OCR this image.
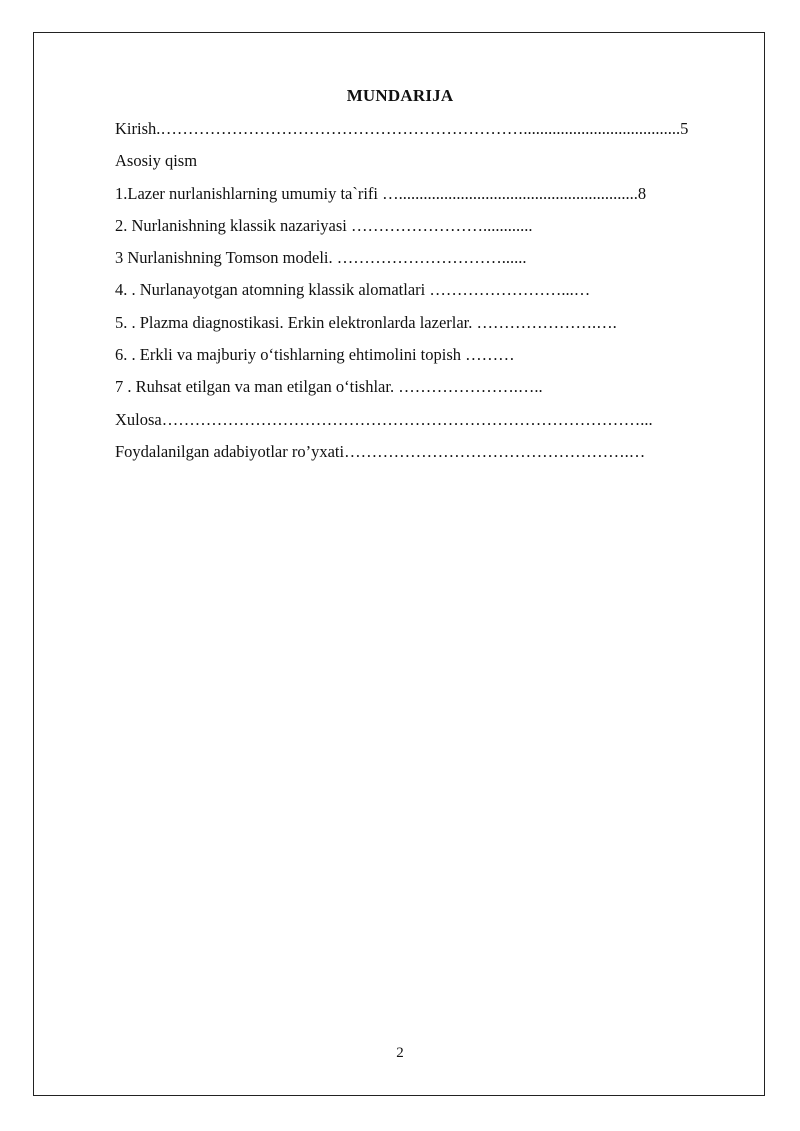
MUNDARIJA
Kirish.…………………………………………………………......................................5
Asosiy qism
1.Lazer nurlanishlarning umumiy ta`rifi …..........................................................8
2. Nurlanishning klassik nazariyasi ……………………............
3 Nurlanishning Tomson modeli. …………………………......
4. . Nurlanayotgan atomning klassik alomatlari ……………………...…
5. . Plazma diagnostikasi. Erkin elektronlarda lazerlar. ………………….….
6. . Erkli va majburiy o‘tishlarning ehtimolini topish ………
7 . Ruhsat etilgan va man etilgan o‘tishlar. ………………….…..
Xulosa……………………………………………………………………………...
Foydalanilgan adabiyotlar ro’yxati…………………………………………….…
2
